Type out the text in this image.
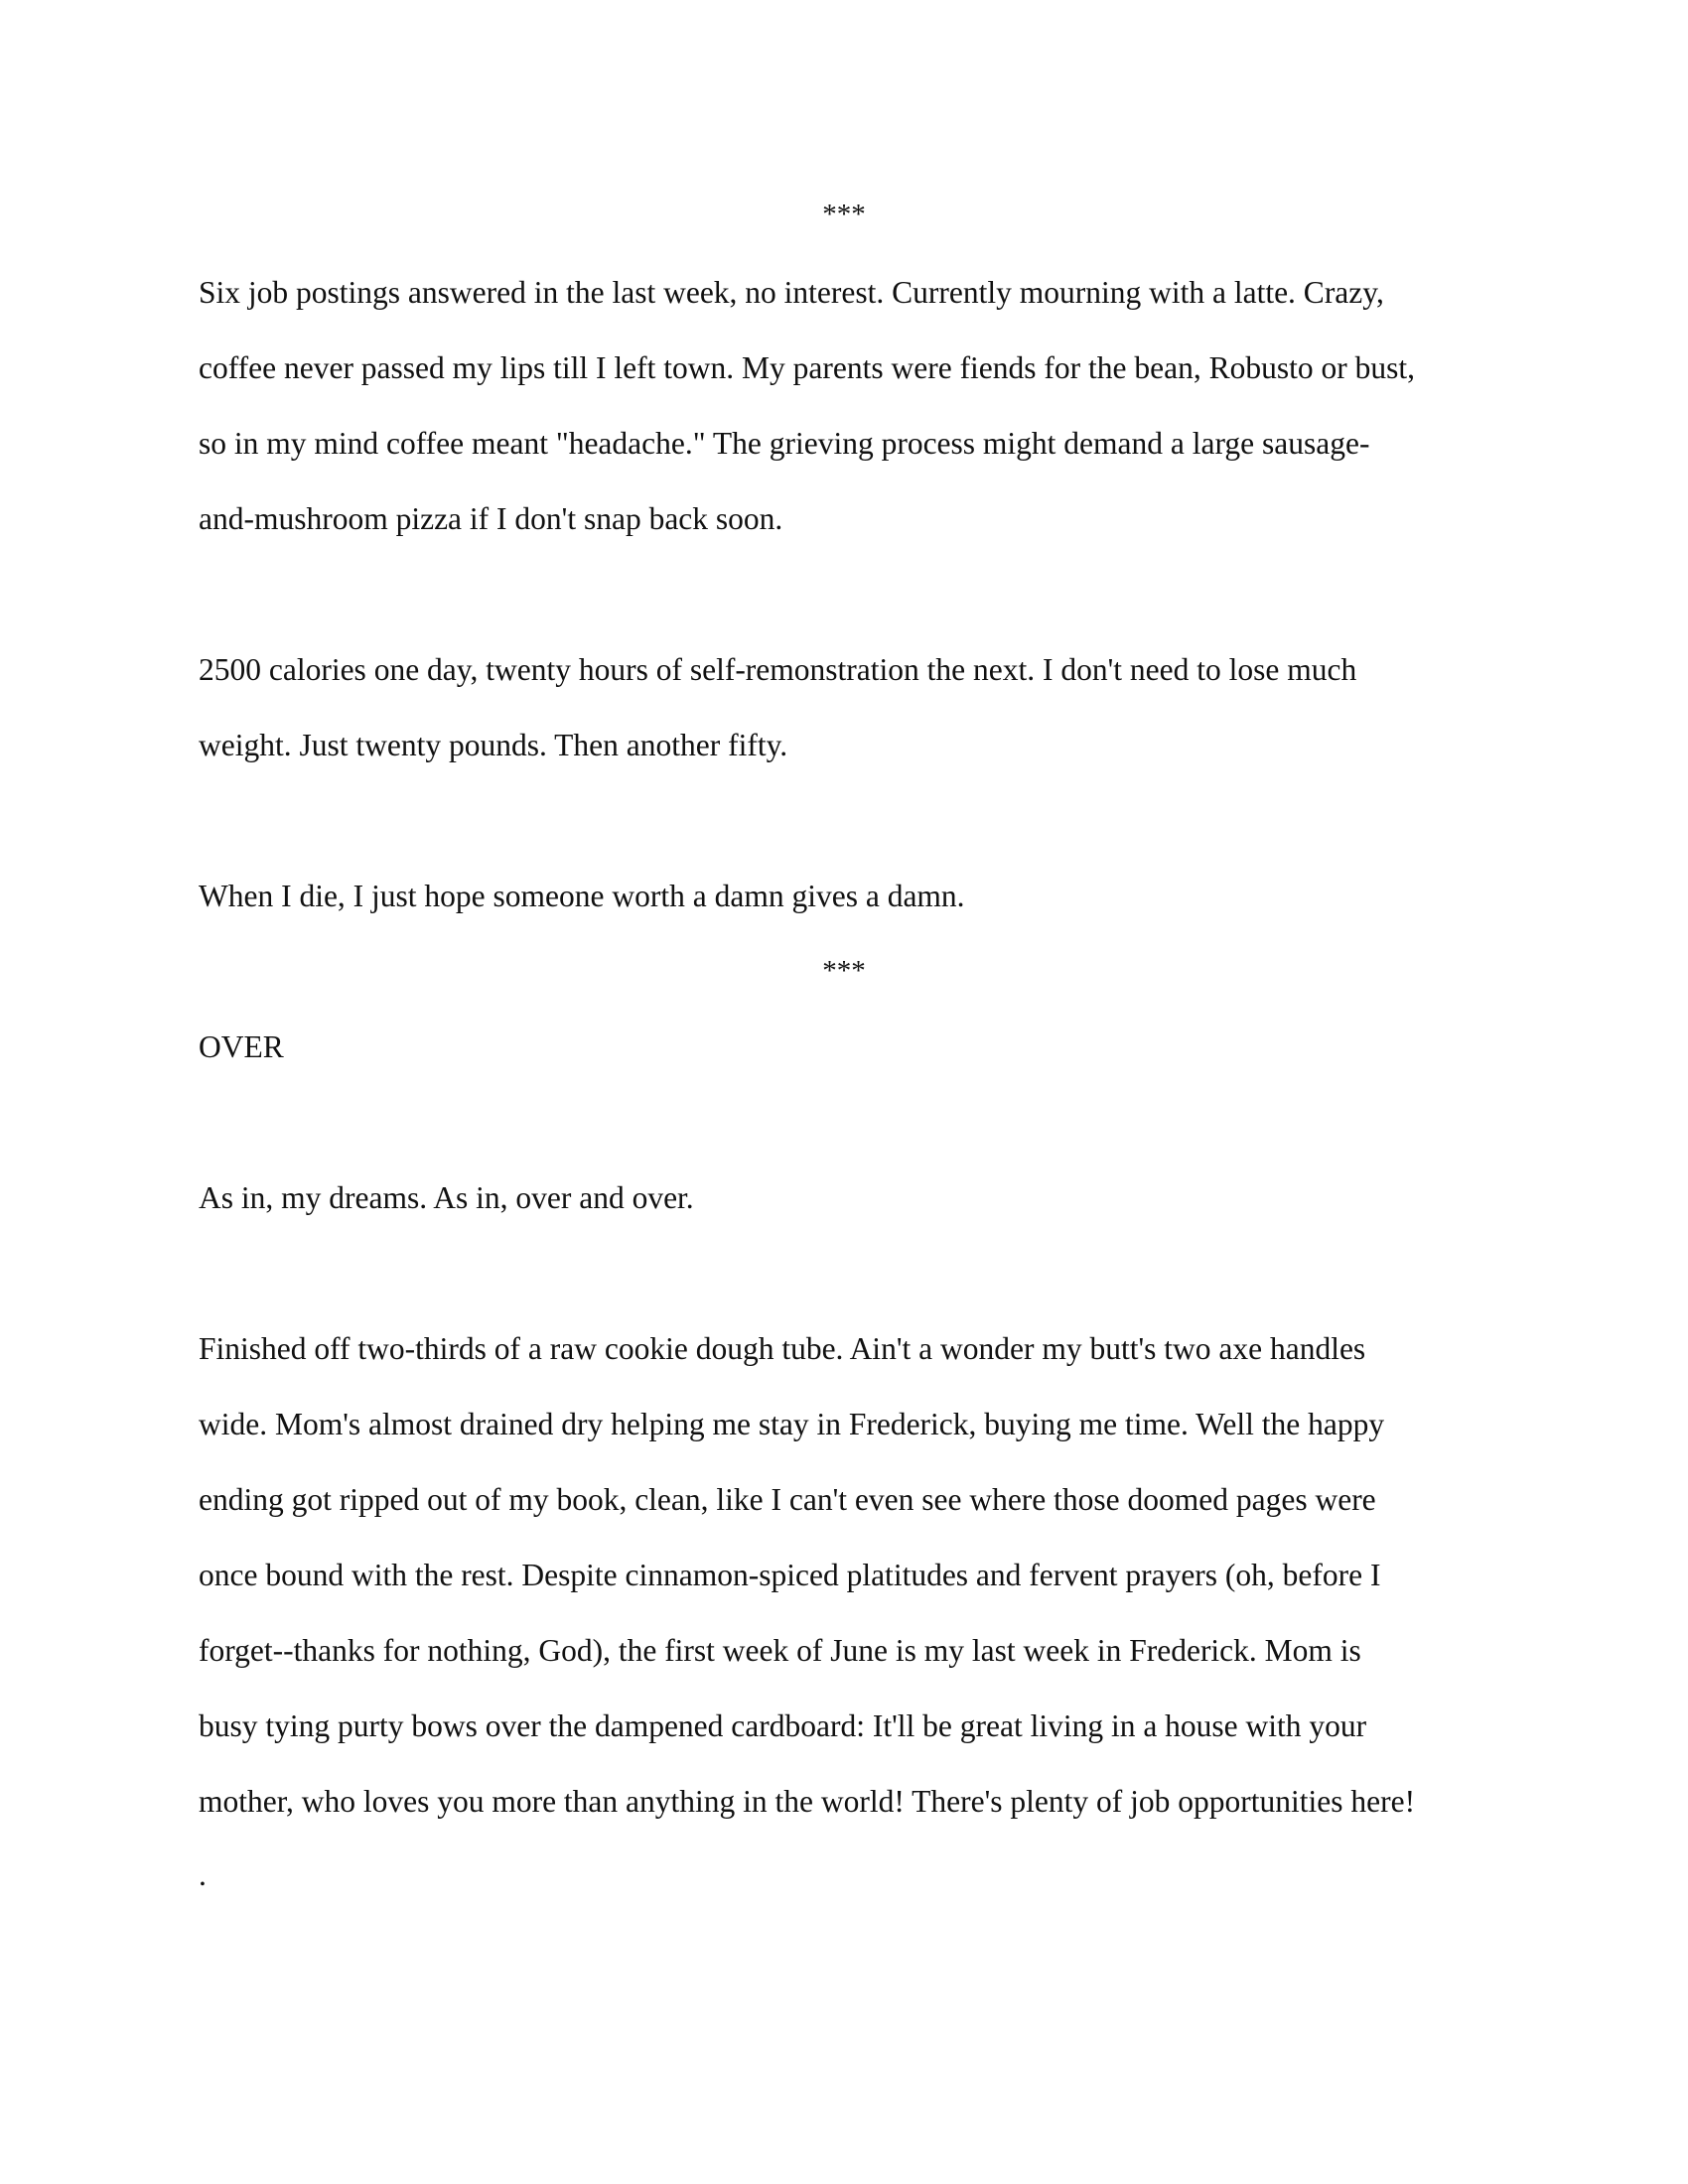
***
Six job postings answered in the last week, no interest. Currently mourning with a latte. Crazy,
coffee never passed my lips till I left town. My parents were fiends for the bean, Robusto or bust,
so in my mind coffee meant "headache." The grieving process might demand a large sausage-
and-mushroom pizza if I don't snap back soon.
2500 calories one day, twenty hours of self-remonstration the next. I don't need to lose much
weight. Just twenty pounds. Then another fifty.
When I die, I just hope someone worth a damn gives a damn.
***
OVER
As in, my dreams. As in, over and over.
Finished off two-thirds of a raw cookie dough tube. Ain't a wonder my butt's two axe handles
wide. Mom's almost drained dry helping me stay in Frederick, buying me time. Well the happy
ending got ripped out of my book, clean, like I can't even see where those doomed pages were
once bound with the rest. Despite cinnamon-spiced platitudes and fervent prayers (oh, before I
forget--thanks for nothing, God), the first week of June is my last week in Frederick. Mom is
busy tying purty bows over the dampened cardboard: It'll be great living in a house with your
mother, who loves you more than anything in the world! There's plenty of job opportunities here!
.
